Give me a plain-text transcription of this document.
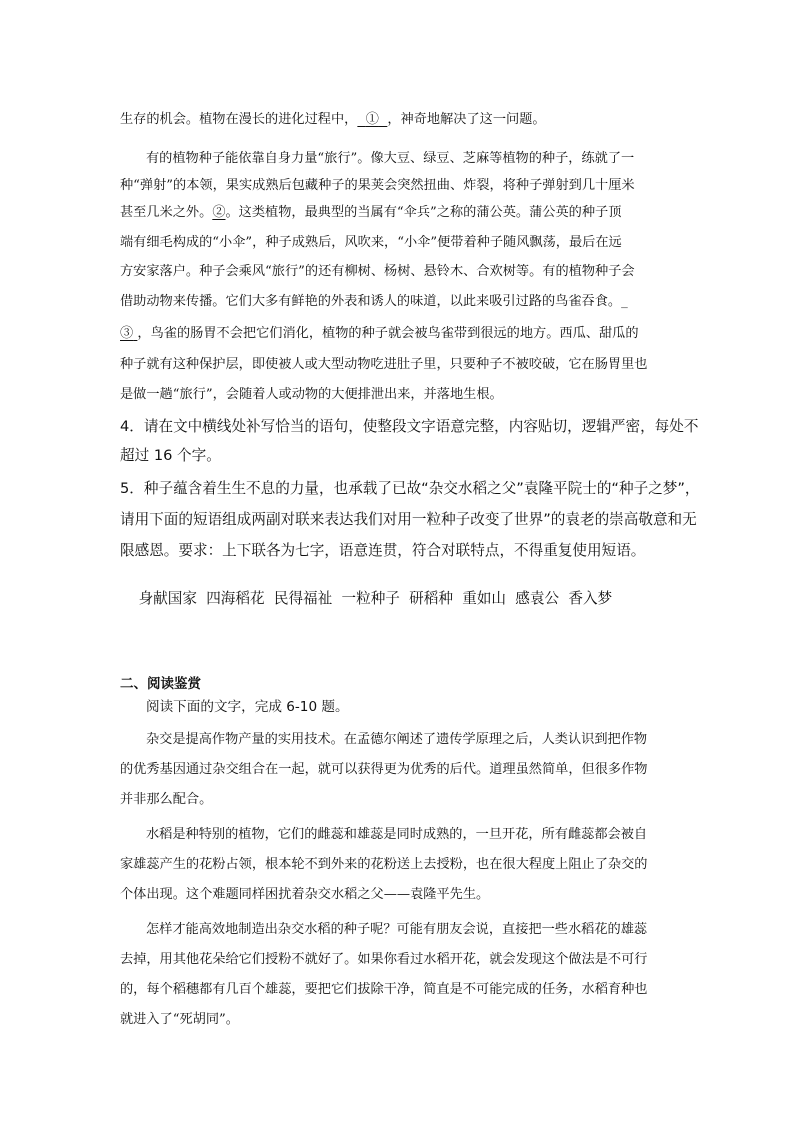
生存的机会。植物在漫长的进化过程中， ① ，神奇地解决了这一问题。
有的植物种子能依靠自身力量“旅行”。像大豆、绿豆、芝麻等植物的种子，练就了一
种“弹射”的本领，果实成熟后包藏种子的果荚会突然扭曲、炸裂，将种子弹射到几十厘米
甚至几米之外。②。这类植物，最典型的当属有“伞兵”之称的蒲公英。蒲公英的种子顶
端有细毛构成的“小伞”，种子成熟后，风吹来，“小伞”便带着种子随风飘荡，最后在远
方安家落户。种子会乘风“旅行”的还有柳树、杨树、悬铃木、合欢树等。有的植物种子会
借助动物来传播。它们大多有鲜艳的外表和诱人的味道，以此来吸引过路的鸟雀吞食。_
③ ，鸟雀的肠胃不会把它们消化，植物的种子就会被鸟雀带到很远的地方。西瓜、甜瓜的
种子就有这种保护层，即使被人或大型动物吃进肚子里，只要种子不被咬破，它在肠胃里也
是做一趟“旅行”，会随着人或动物的大便排泄出来，并落地生根。
4．请在文中横线处补写恰当的语句，使整段文字语意完整，内容贴切，逻辑严密，每处不
超过 16 个字。
5．种子蕴含着生生不息的力量，也承载了已故“杂交水稻之父”袁隆平院士的“种子之梦”，
请用下面的短语组成两副对联来表达我们对用一粒种子改变了世界”的袁老的崇高敬意和无
限感恩。要求：上下联各为七字，语意连贯，符合对联特点，不得重复使用短语。

身献国家  四海稻花  民得福祉  一粒种子  研稻种  重如山  感袁公  香入梦

二、阅读鉴赏
阅读下面的文字，完成 6-10 题。
杂交是提高作物产量的实用技术。在孟德尔阐述了遗传学原理之后，人类认识到把作物
的优秀基因通过杂交组合在一起，就可以获得更为优秀的后代。道理虽然简单，但很多作物
并非那么配合。
水稻是种特别的植物，它们的雌蕊和雄蕊是同时成熟的，一旦开花，所有雌蕊都会被自
家雄蕊产生的花粉占领，根本轮不到外来的花粉送上去授粉，也在很大程度上阻止了杂交的
个体出现。这个难题同样困扰着杂交水稻之父——袁隆平先生。
怎样才能高效地制造出杂交水稻的种子呢？可能有朋友会说，直接把一些水稻花的雄蕊
去掉，用其他花朵给它们授粉不就好了。如果你看过水稻开花，就会发现这个做法是不可行
的，每个稻穗都有几百个雄蕊，要把它们拔除干净，简直是不可能完成的任务，水稻育种也
就进入了“死胡同”。
